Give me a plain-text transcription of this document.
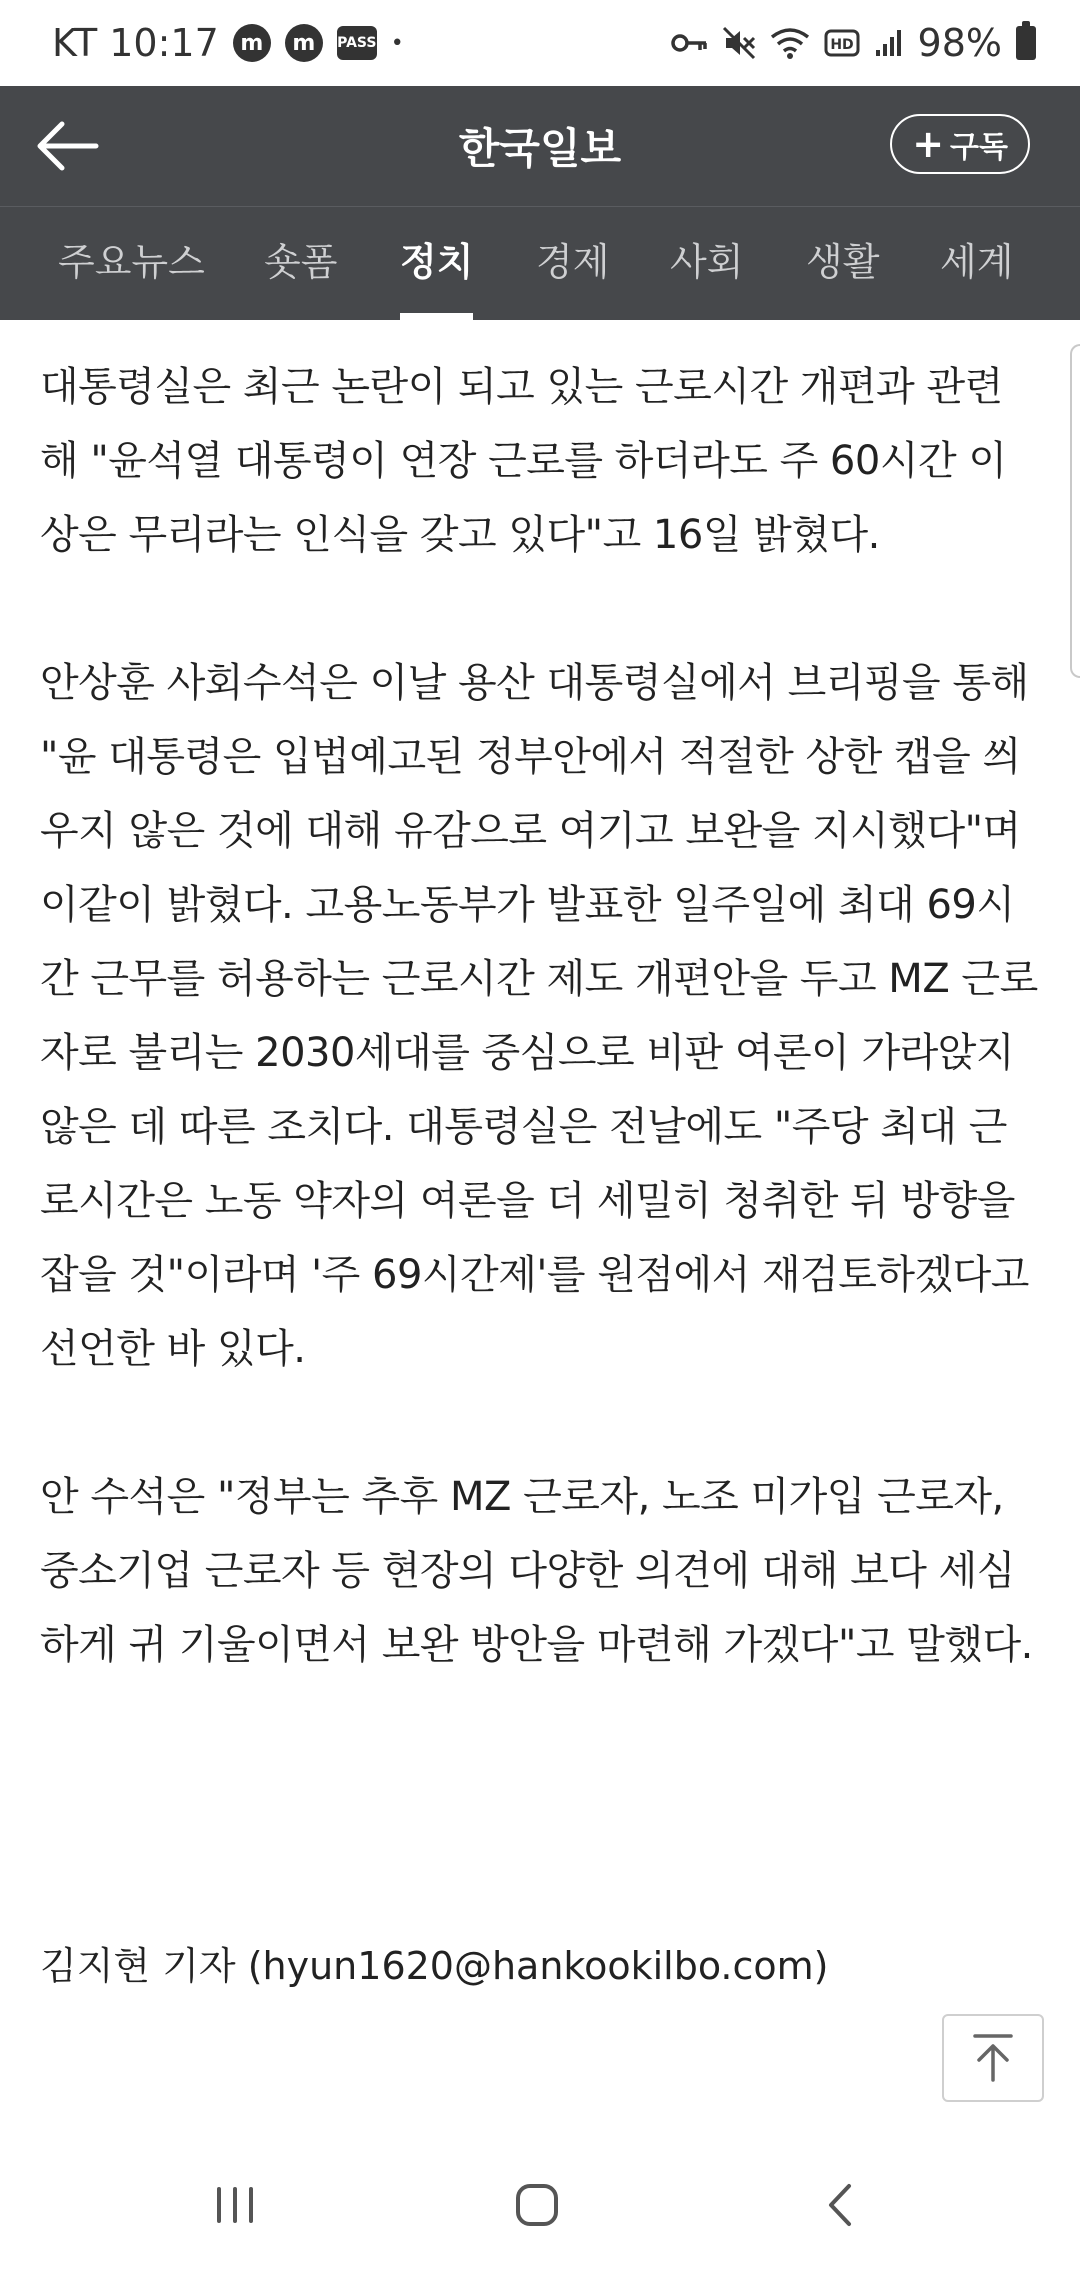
KT 10:17 m	m	PASS •	HD 98%
한국일보	+ 구독
주요뉴스 숏폼 정치 경제 사회 생활 세계

대통령실은 최근 논란이 되고 있는 근로시간 개편과 관련해 "윤석열 대통령이 연장 근로를 하더라도 주 60시간 이상은 무리라는 인식을 갖고 있다"고 16일 밝혔다.

안상훈 사회수석은 이날 용산 대통령실에서 브리핑을 통해 "윤 대통령은 입법예고된 정부안에서 적절한 상한 캡을 씌우지 않은 것에 대해 유감으로 여기고 보완을 지시했다"며 이같이 밝혔다. 고용노동부가 발표한 일주일에 최대 69시간 근무를 허용하는 근로시간 제도 개편안을 두고 MZ 근로자로 불리는 2030세대를 중심으로 비판 여론이 가라앉지 않은 데 따른 조치다. 대통령실은 전날에도 "주당 최대 근로시간은 노동 약자의 여론을 더 세밀히 청취한 뒤 방향을 잡을 것"이라며 '주 69시간제'를 원점에서 재검토하겠다고 선언한 바 있다.

안 수석은 "정부는 추후 MZ 근로자, 노조 미가입 근로자, 중소기업 근로자 등 현장의 다양한 의견에 대해 보다 세심하게 귀 기울이면서 보완 방안을 마련해 가겠다"고 말했다.

김지현 기자 (hyun1620@hankookilbo.com)
